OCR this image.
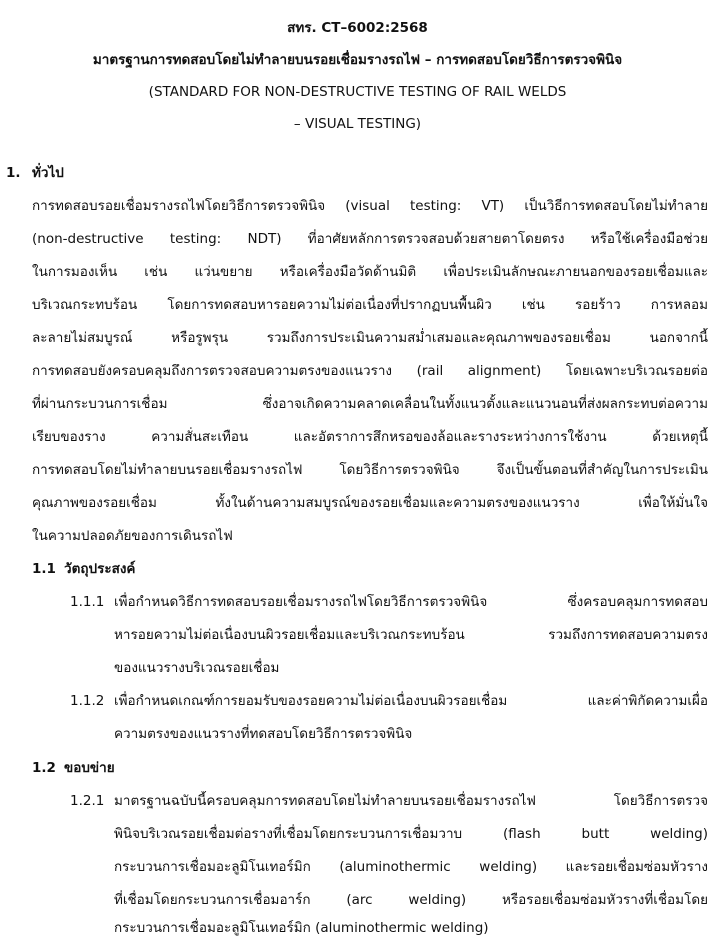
สทร. CT–6002:2568
มาตรฐานการทดสอบโดยไม่ทำลายบนรอยเชื่อมรางรถไฟ – การทดสอบโดยวิธีการตรวจพินิจ
(STANDARD FOR NON-DESTRUCTIVE TESTING OF RAIL WELDS
– VISUAL TESTING)
1. ทั่วไป
การทดสอบรอยเชื่อมรางรถไฟโดยวิธีการตรวจพินิจ (visual testing: VT) เป็นวิธีการทดสอบโดยไม่ทำลาย
(non-destructive testing: NDT) ที่อาศัยหลักการตรวจสอบด้วยสายตาโดยตรง หรือใช้เครื่องมือช่วย
ในการมองเห็น เช่น แว่นขยาย หรือเครื่องมือวัดด้านมิติ เพื่อประเมินลักษณะภายนอกของรอยเชื่อมและ
บริเวณกระทบร้อน โดยการทดสอบหารอยความไม่ต่อเนื่องที่ปรากฏบนพื้นผิว เช่น รอยร้าว การหลอม
ละลายไม่สมบูรณ์ หรือรูพรุน รวมถึงการประเมินความสม่ำเสมอและคุณภาพของรอยเชื่อม นอกจากนี้
การทดสอบยังครอบคลุมถึงการตรวจสอบความตรงของแนวราง (rail alignment) โดยเฉพาะบริเวณรอยต่อ
ที่ผ่านกระบวนการเชื่อม ซึ่งอาจเกิดความคลาดเคลื่อนในทั้งแนวตั้งและแนวนอนที่ส่งผลกระทบต่อความ
เรียบของราง ความสั่นสะเทือน และอัตราการสึกหรอของล้อและรางระหว่างการใช้งาน ด้วยเหตุนี้
การทดสอบโดยไม่ทำลายบนรอยเชื่อมรางรถไฟ โดยวิธีการตรวจพินิจ จึงเป็นขั้นตอนที่สำคัญในการประเมิน
คุณภาพของรอยเชื่อม ทั้งในด้านความสมบูรณ์ของรอยเชื่อมและความตรงของแนวราง เพื่อให้มั่นใจ
ในความปลอดภัยของการเดินรถไฟ
1.1 วัตถุประสงค์
1.1.1 เพื่อกำหนดวิธีการทดสอบรอยเชื่อมรางรถไฟโดยวิธีการตรวจพินิจ ซึ่งครอบคลุมการทดสอบ
หารอยความไม่ต่อเนื่องบนผิวรอยเชื่อมและบริเวณกระทบร้อน รวมถึงการทดสอบความตรง
ของแนวรางบริเวณรอยเชื่อม
1.1.2 เพื่อกำหนดเกณฑ์การยอมรับของรอยความไม่ต่อเนื่องบนผิวรอยเชื่อม และค่าพิกัดความเผื่อ
ความตรงของแนวรางที่ทดสอบโดยวิธีการตรวจพินิจ
1.2 ขอบข่าย
1.2.1 มาตรฐานฉบับนี้ครอบคลุมการทดสอบโดยไม่ทำลายบนรอยเชื่อมรางรถไฟ โดยวิธีการตรวจ
พินิจบริเวณรอยเชื่อมต่อรางที่เชื่อมโดยกระบวนการเชื่อมวาบ (flash butt welding)
กระบวนการเชื่อมอะลูมิโนเทอร์มิก (aluminothermic welding) และรอยเชื่อมซ่อมหัวราง
ที่เชื่อมโดยกระบวนการเชื่อมอาร์ก (arc welding) หรือรอยเชื่อมซ่อมหัวรางที่เชื่อมโดย
กระบวนการเชื่อมอะลูมิโนเทอร์มิก (aluminothermic welding)
